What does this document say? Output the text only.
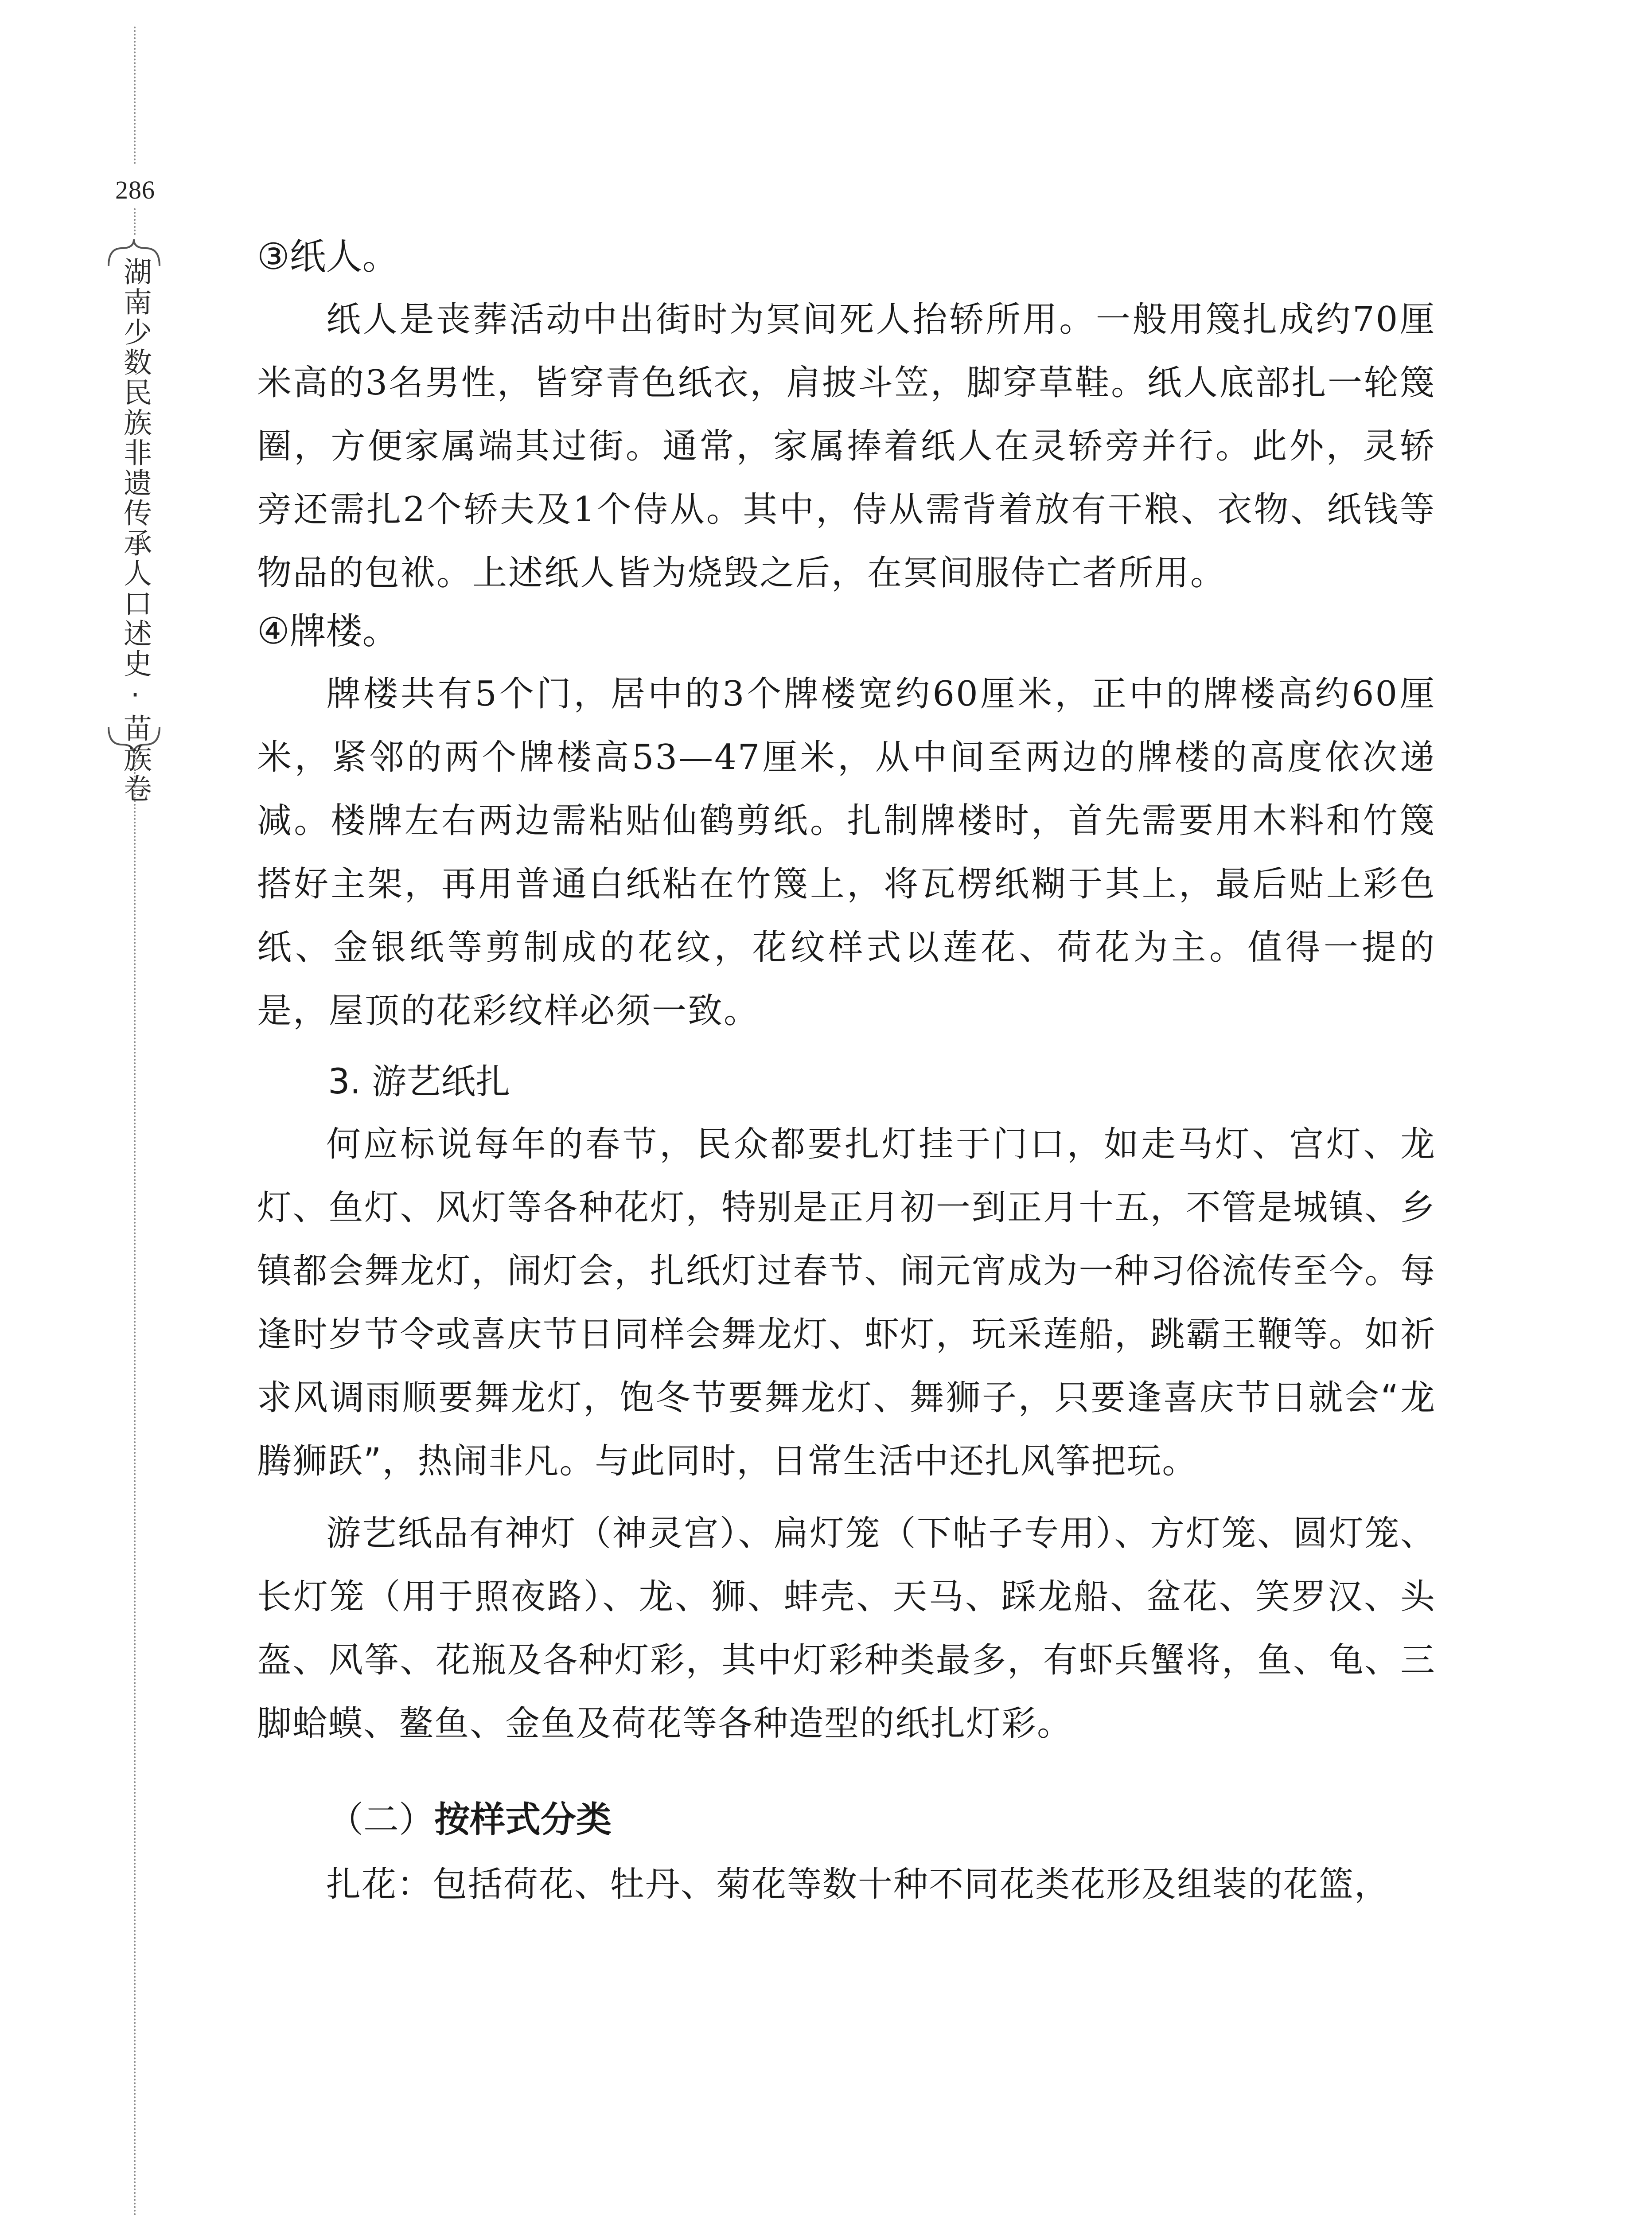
286
湖南少数民族非遗传承人口述史·苗族卷

③纸人。

纸人是丧葬活动中出街时为冥间死人抬轿所用。一般用篾扎成约70厘米高的3名男性，皆穿青色纸衣，肩披斗笠，脚穿草鞋。纸人底部扎一轮篾圈，方便家属端其过街。通常，家属捧着纸人在灵轿旁并行。此外，灵轿旁还需扎2个轿夫及1个侍从。其中，侍从需背着放有干粮、衣物、纸钱等物品的包袱。上述纸人皆为烧毁之后，在冥间服侍亡者所用。

④牌楼。

牌楼共有5个门，居中的3个牌楼宽约60厘米，正中的牌楼高约60厘米，紧邻的两个牌楼高53—47厘米，从中间至两边的牌楼的高度依次递减。楼牌左右两边需粘贴仙鹤剪纸。扎制牌楼时，首先需要用木料和竹篾搭好主架，再用普通白纸粘在竹篾上，将瓦楞纸糊于其上，最后贴上彩色纸、金银纸等剪制成的花纹，花纹样式以莲花、荷花为主。值得一提的是，屋顶的花彩纹样必须一致。

3. 游艺纸扎

何应标说每年的春节，民众都要扎灯挂于门口，如走马灯、宫灯、龙灯、鱼灯、风灯等各种花灯，特别是正月初一到正月十五，不管是城镇、乡镇都会舞龙灯，闹灯会，扎纸灯过春节、闹元宵成为一种习俗流传至今。每逢时岁节令或喜庆节日同样会舞龙灯、虾灯，玩采莲船，跳霸王鞭等。如祈求风调雨顺要舞龙灯，饱冬节要舞龙灯、舞狮子，只要逢喜庆节日就会“龙腾狮跃”，热闹非凡。与此同时，日常生活中还扎风筝把玩。

游艺纸品有神灯（神灵宫）、扁灯笼（下帖子专用）、方灯笼、圆灯笼、长灯笼（用于照夜路）、龙、狮、蚌壳、天马、踩龙船、盆花、笑罗汉、头盔、风筝、花瓶及各种灯彩，其中灯彩种类最多，有虾兵蟹将，鱼、龟、三脚蛤蟆、鳌鱼、金鱼及荷花等各种造型的纸扎灯彩。

（二）按样式分类

扎花：包括荷花、牡丹、菊花等数十种不同花类花形及组装的花篮，
